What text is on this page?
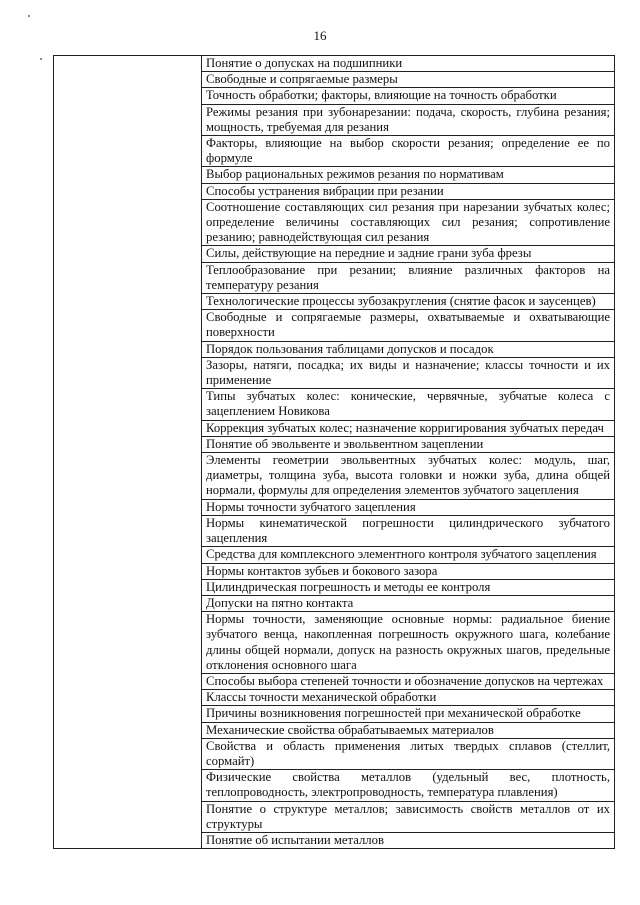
16
	Понятие о допусках на подшипники
Свободные и сопрягаемые размеры
Точность обработки; факторы, влияющие на точность обработки
Режимы резания при зубонарезании: подача, скорость, глубина резания; мощность, требуемая для резания
Факторы, влияющие на выбор скорости резания; определение ее по формуле
Выбор рациональных режимов резания по нормативам
Способы устранения вибрации при резании
Соотношение составляющих сил резания при нарезании зубчатых колес; определение величины составляющих сил резания; сопротивление резанию; равнодействующая сил резания
Силы, действующие на передние и задние грани зуба фрезы
Теплообразование при резании; влияние различных факторов на температуру резания
Технологические процессы зубозакругления (снятие фасок и заусенцев)
Свободные и сопрягаемые размеры, охватываемые и охватывающие поверхности
Порядок пользования таблицами допусков и посадок
Зазоры, натяги, посадка; их виды и назначение; классы точности и их применение
Типы зубчатых колес: конические, червячные, зубчатые колеса с зацеплением Новикова
Коррекция зубчатых колес; назначение корригирования зубчатых передач
Понятие об эвольвенте и эвольвентном зацеплении
Элементы геометрии эвольвентных зубчатых колес: модуль, шаг, диаметры, толщина зуба, высота головки и ножки зуба, длина общей нормали, формулы для определения элементов зубчатого зацепления
Нормы точности зубчатого зацепления
Нормы кинематической погрешности цилиндрического зубчатого зацепления
Средства для комплексного элементного контроля зубчатого зацепления
Нормы контактов зубьев и бокового зазора
Цилиндрическая погрешность и методы ее контроля
Допуски на пятно контакта
Нормы точности, заменяющие основные нормы: радиальное биение зубчатого венца, накопленная погрешность окружного шага, колебание длины общей нормали, допуск на разность окружных шагов, предельные отклонения основного шага
Способы выбора степеней точности и обозначение допусков на чертежах
Классы точности механической обработки
Причины возникновения погрешностей при механической обработке
Механические свойства обрабатываемых материалов
Свойства и область применения литых твердых сплавов (стеллит, сормайт)
Физические свойства металлов (удельный вес, плотность, теплопроводность, электропроводность, температура плавления)
Понятие о структуре металлов; зависимость свойств металлов от их структуры
Понятие об испытании металлов
